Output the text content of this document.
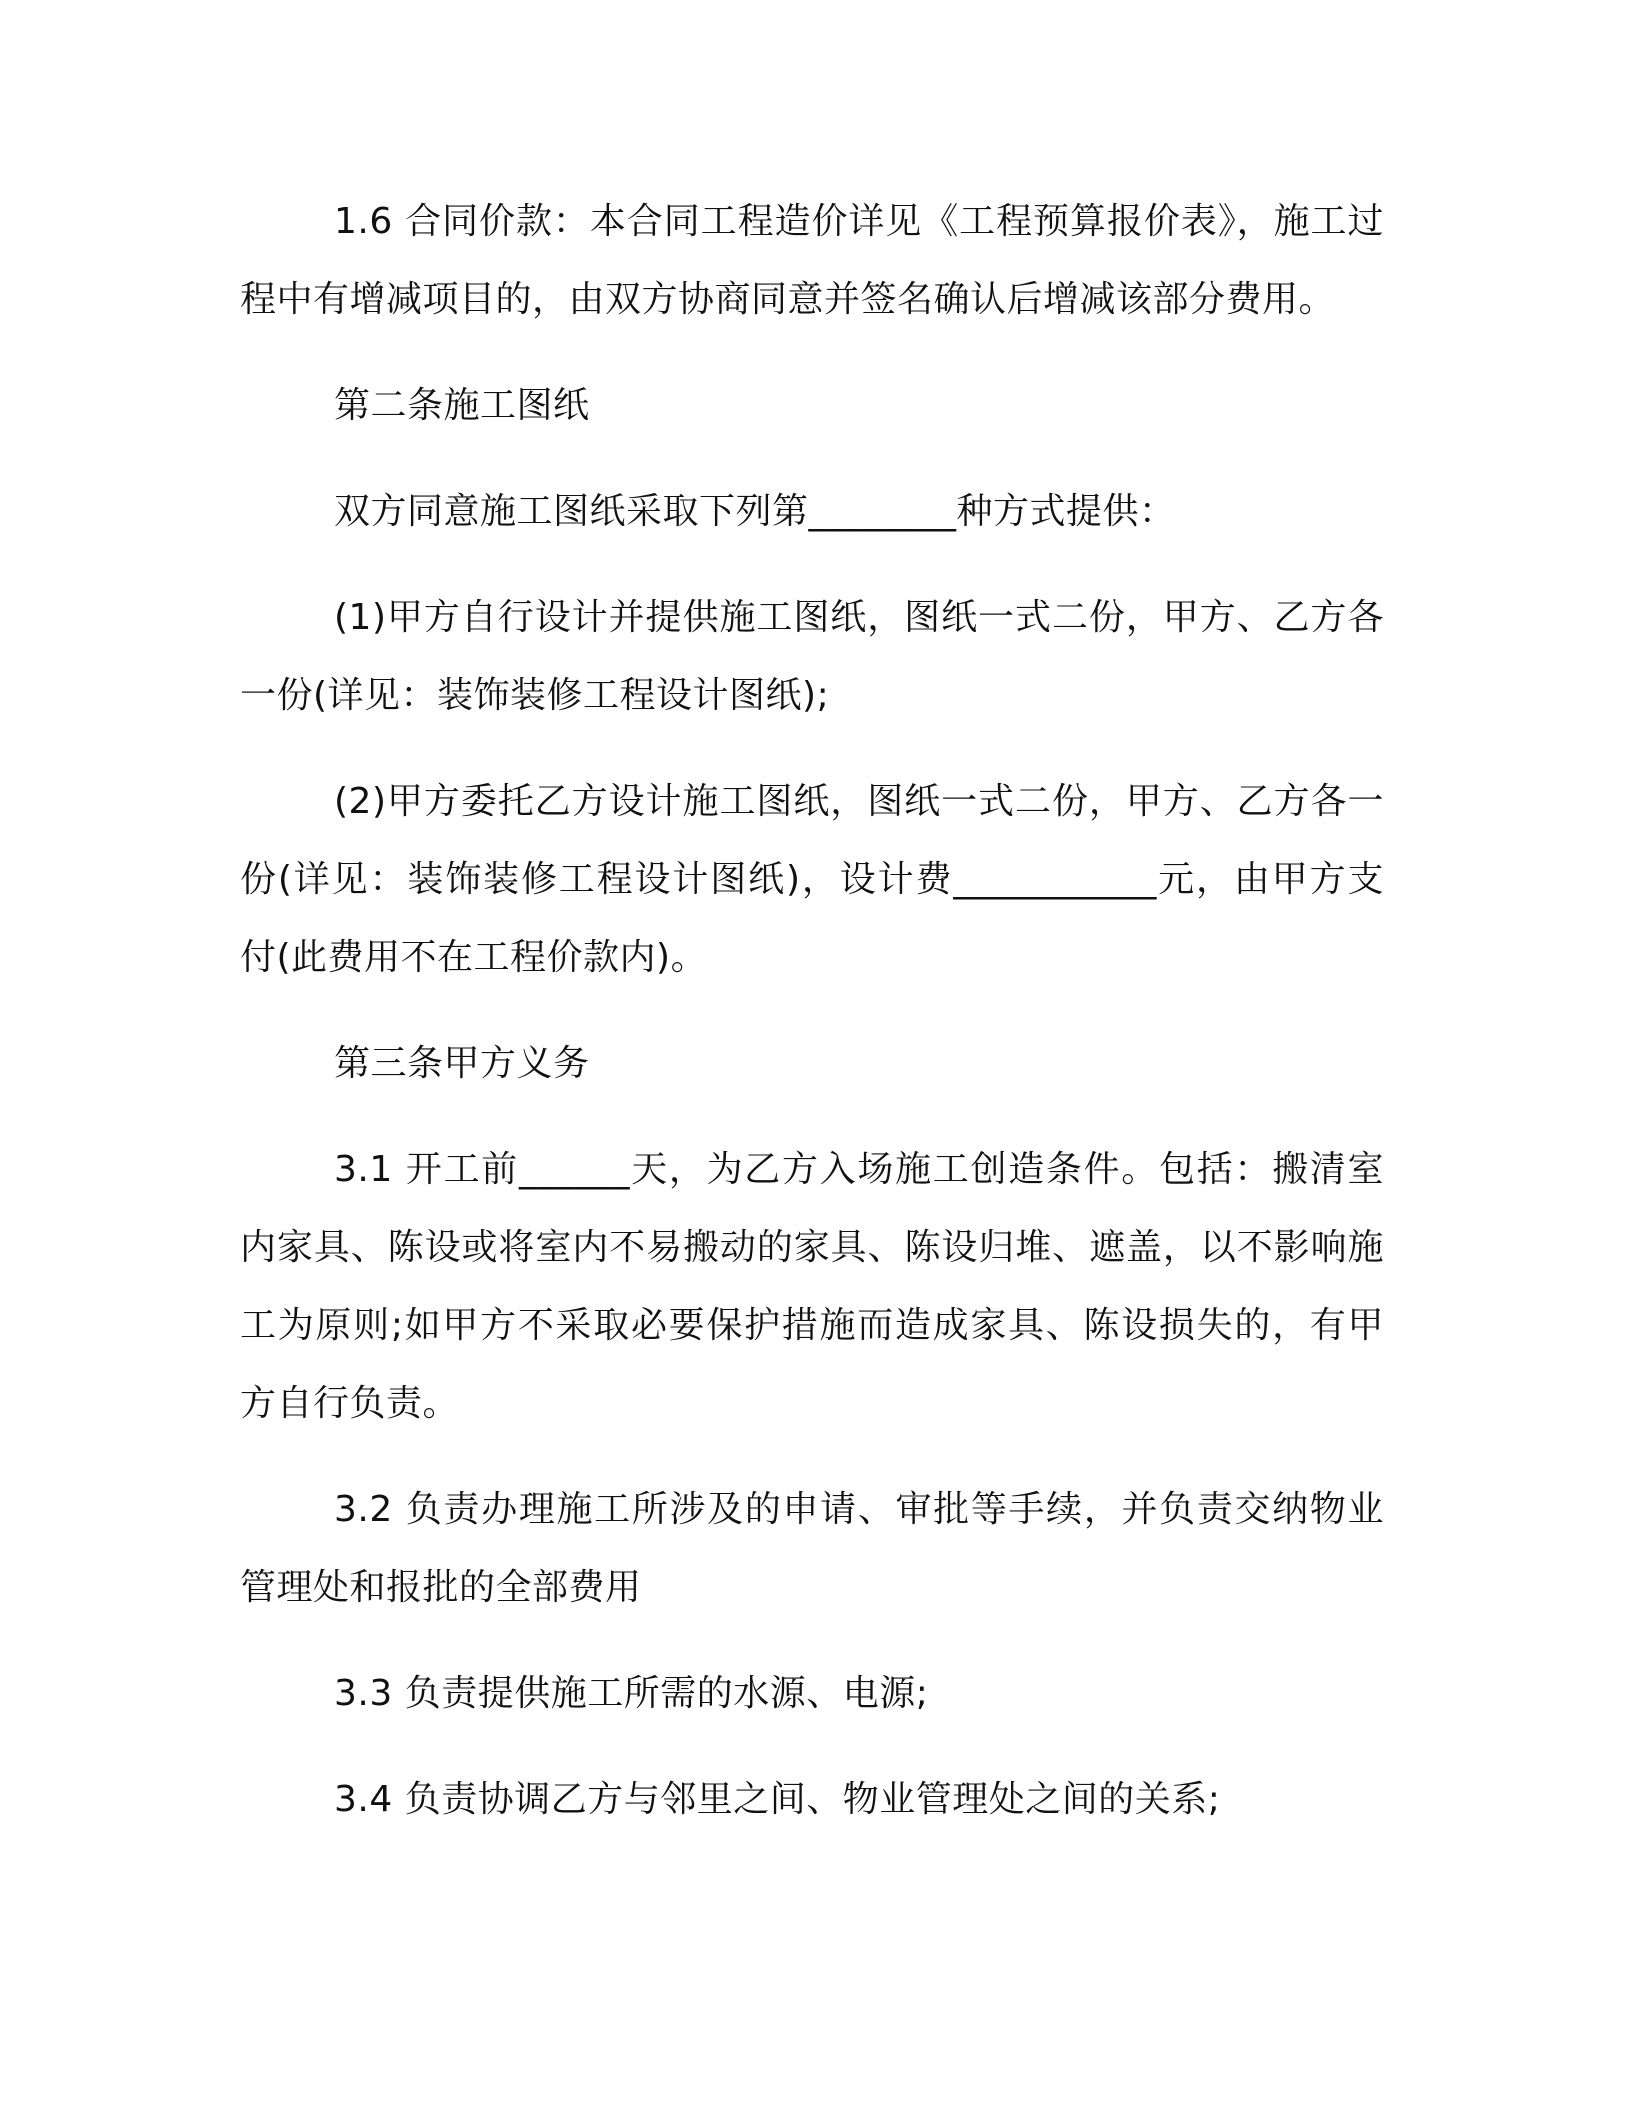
1.6 合同价款：本合同工程造价详见《工程预算报价表》，施工过程中有增减项目的，由双方协商同意并签名确认后增减该部分费用。

第二条施工图纸

双方同意施工图纸采取下列第________种方式提供：

(1)甲方自行设计并提供施工图纸，图纸一式二份，甲方、乙方各一份(详见：装饰装修工程设计图纸);

(2)甲方委托乙方设计施工图纸，图纸一式二份，甲方、乙方各一份(详见：装饰装修工程设计图纸)，设计费___________元，由甲方支付(此费用不在工程价款内)。

第三条甲方义务

3.1 开工前______天，为乙方入场施工创造条件。包括：搬清室内家具、陈设或将室内不易搬动的家具、陈设归堆、遮盖，以不影响施工为原则;如甲方不采取必要保护措施而造成家具、陈设损失的，有甲方自行负责。

3.2 负责办理施工所涉及的申请、审批等手续，并负责交纳物业管理处和报批的全部费用

3.3 负责提供施工所需的水源、电源;

3.4 负责协调乙方与邻里之间、物业管理处之间的关系;
